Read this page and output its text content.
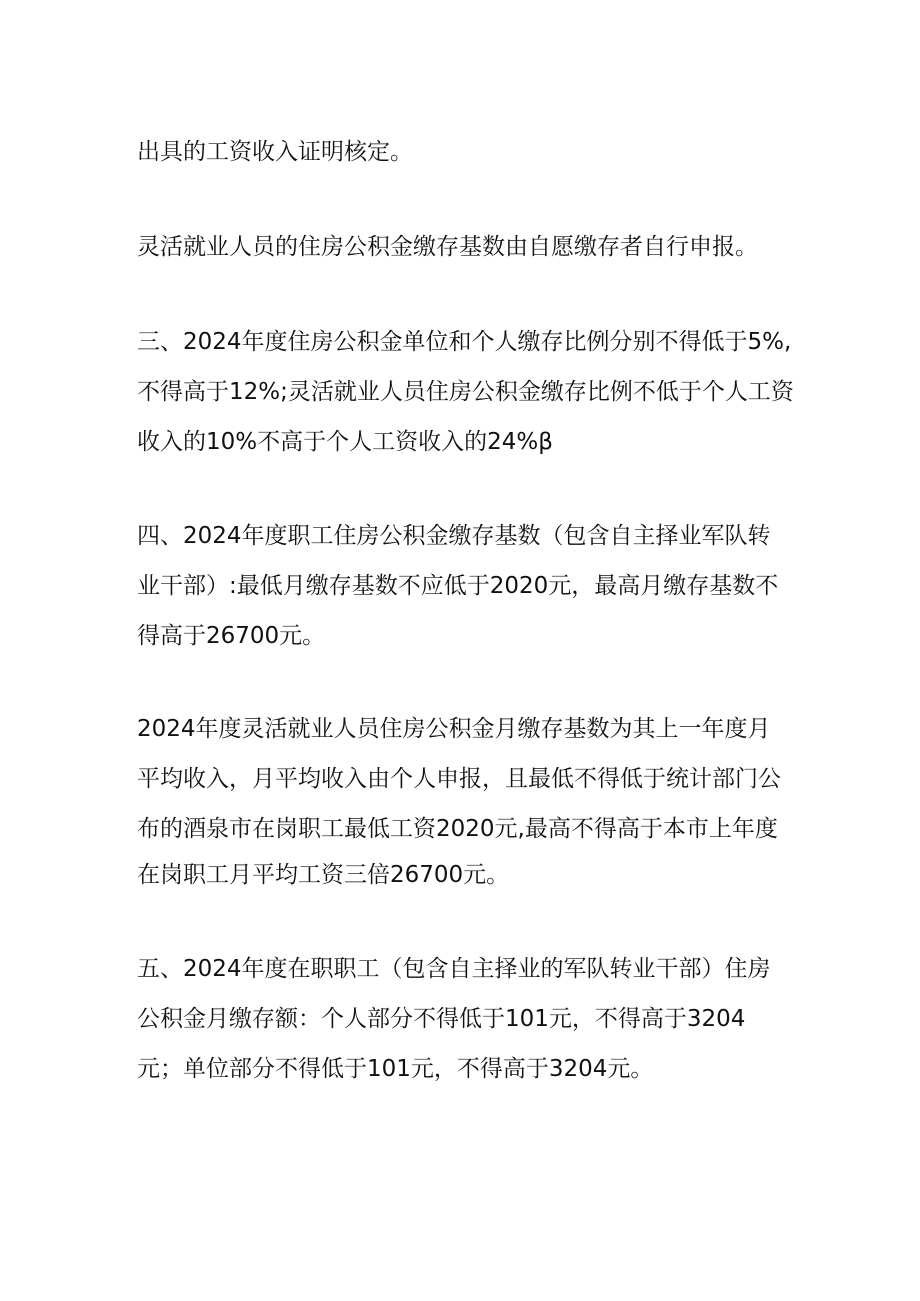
出具的工资收入证明核定。
灵活就业人员的住房公积金缴存基数由自愿缴存者自行申报。
三、2024年度住房公积金单位和个人缴存比例分别不得低于5%,
不得高于12%;灵活就业人员住房公积金缴存比例不低于个人工资
收入的10%不高于个人工资收入的24%β
四、2024年度职工住房公积金缴存基数（包含自主择业军队转
业干部）:最低月缴存基数不应低于2020元，最高月缴存基数不
得高于26700元。
2024年度灵活就业人员住房公积金月缴存基数为其上一年度月
平均收入，月平均收入由个人申报，且最低不得低于统计部门公
布的酒泉市在岗职工最低工资2020元,最高不得高于本市上年度
在岗职工月平均工资三倍26700元。
五、2024年度在职职工（包含自主择业的军队转业干部）住房
公积金月缴存额：个人部分不得低于101元，不得高于3204
元；单位部分不得低于101元，不得高于3204元。
